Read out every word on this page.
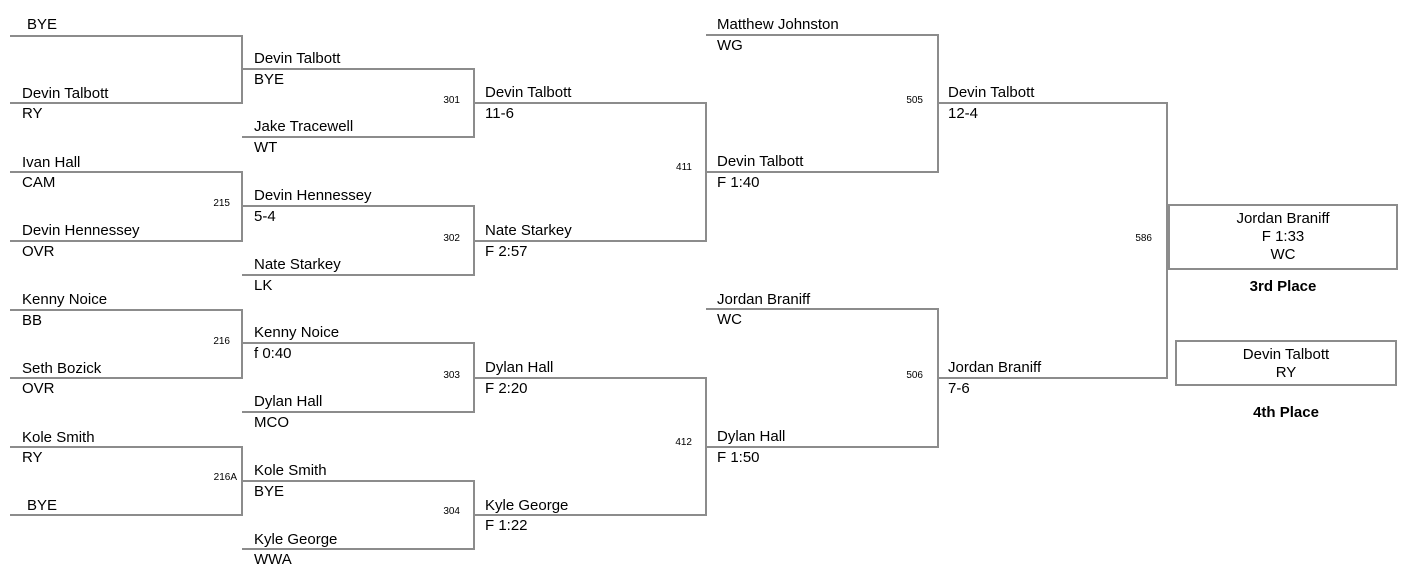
BYE
Devin Talbott
RY
Ivan Hall
CAM
Devin Hennessey
OVR
Kenny Noice
BB
Seth Bozick
OVR
Kole Smith
RY
BYE
215
216
216A
Devin Talbott
BYE
Jake Tracewell
WT
Devin Hennessey
5-4
Nate Starkey
LK
Kenny Noice
f 0:40
Dylan Hall
MCO
Kole Smith
BYE
Kyle George
WWA
301
302
303
304
Devin Talbott
11-6
Nate Starkey
F 2:57
Dylan Hall
F 2:20
Kyle George
F 1:22
411
412
Matthew Johnston
WG
Devin Talbott
F 1:40
Jordan Braniff
WC
Dylan Hall
F 1:50
505
506
Devin Talbott
12-4
Jordan Braniff
7-6
586
Jordan Braniff
F 1:33
WC
3rd Place
Devin Talbott
RY
4th Place
